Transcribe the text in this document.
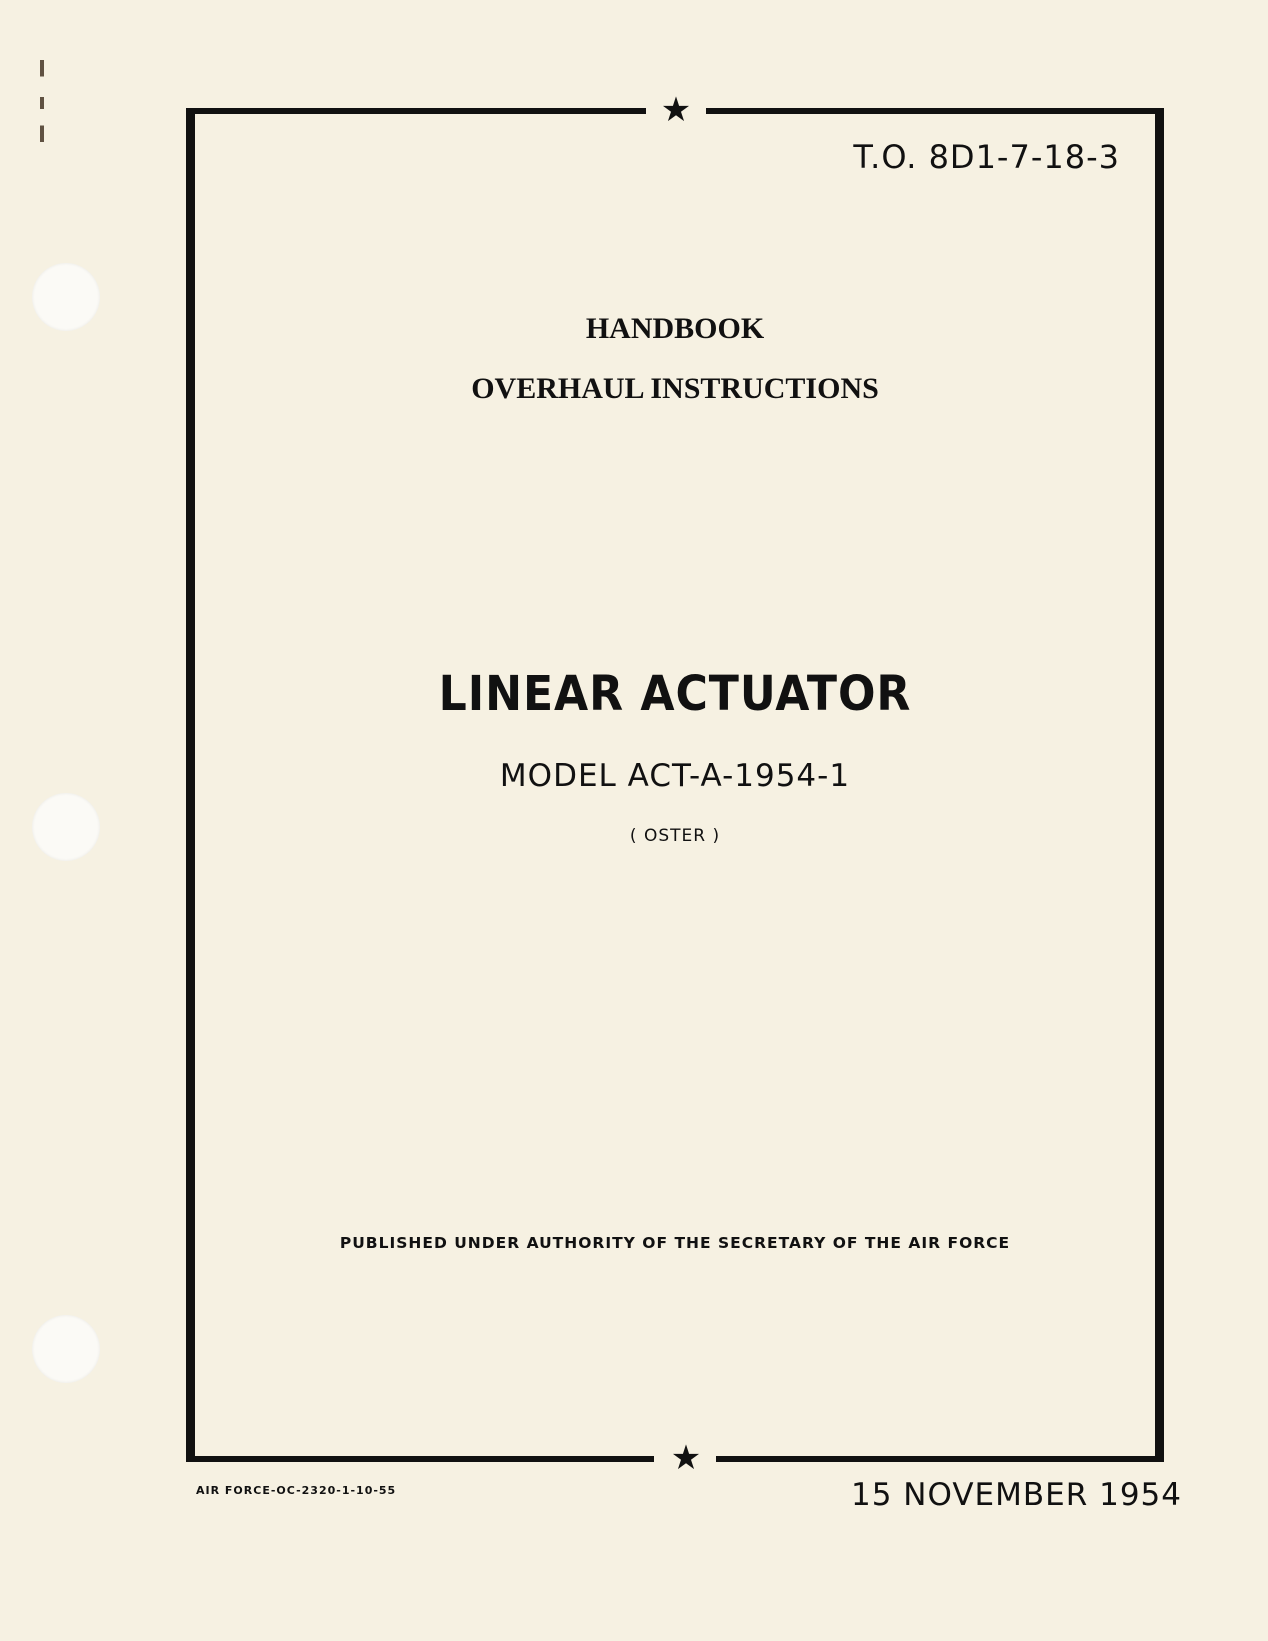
★
★
T.O. 8D1-7-18-3
HANDBOOK
OVERHAUL INSTRUCTIONS
LINEAR ACTUATOR
MODEL ACT-A-1954-1
( OSTER )
PUBLISHED UNDER AUTHORITY OF THE SECRETARY OF THE AIR FORCE
AIR FORCE-OC-2320-1-10-55	15 NOVEMBER 1954
